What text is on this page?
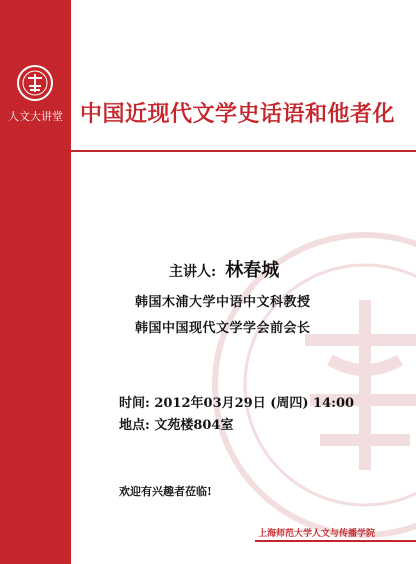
人文大讲堂 中国近现代文学史话语和他者化
主讲人: 林春城
韩国木浦大学中语中文科教授
韩国中国现代文学学会前会长
时间: 2012年03月29日 (周四) 14:00
地点: 文苑楼804室
欢迎有兴趣者莅临!
上海师范大学人文与传播学院
